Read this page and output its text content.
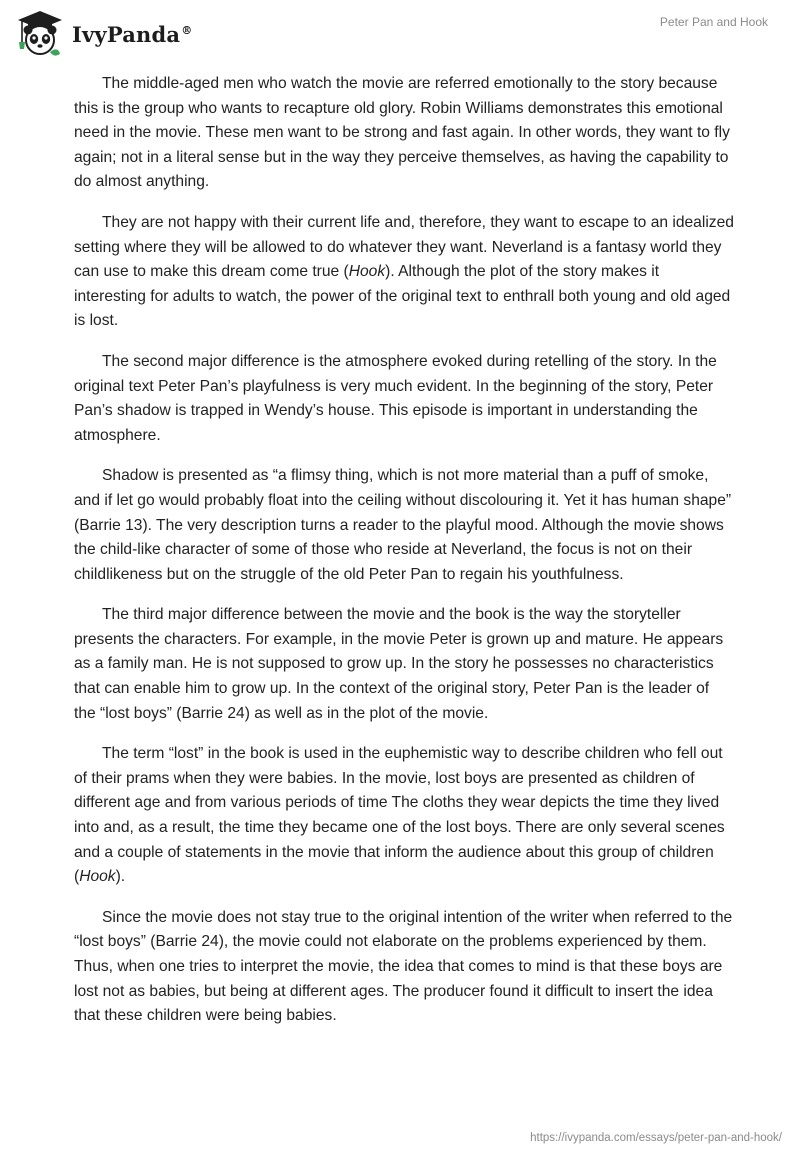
IvyPanda®
Peter Pan and Hook

The middle-aged men who watch the movie are referred emotionally to the story because this is the group who wants to recapture old glory. Robin Williams demonstrates this emotional need in the movie. These men want to be strong and fast again. In other words, they want to fly again; not in a literal sense but in the way they perceive themselves, as having the capability to do almost anything.

They are not happy with their current life and, therefore, they want to escape to an idealized setting where they will be allowed to do whatever they want. Neverland is a fantasy world they can use to make this dream come true (Hook). Although the plot of the story makes it interesting for adults to watch, the power of the original text to enthrall both young and old aged is lost.

The second major difference is the atmosphere evoked during retelling of the story. In the original text Peter Pan’s playfulness is very much evident. In the beginning of the story, Peter Pan’s shadow is trapped in Wendy’s house. This episode is important in understanding the atmosphere.

Shadow is presented as “a flimsy thing, which is not more material than a puff of smoke, and if let go would probably float into the ceiling without discolouring it. Yet it has human shape” (Barrie 13). The very description turns a reader to the playful mood. Although the movie shows the child-like character of some of those who reside at Neverland, the focus is not on their childlikeness but on the struggle of the old Peter Pan to regain his youthfulness.

The third major difference between the movie and the book is the way the storyteller presents the characters. For example, in the movie Peter is grown up and mature. He appears as a family man. He is not supposed to grow up. In the story he possesses no characteristics that can enable him to grow up. In the context of the original story, Peter Pan is the leader of the “lost boys” (Barrie 24) as well as in the plot of the movie.

The term “lost” in the book is used in the euphemistic way to describe children who fell out of their prams when they were babies. In the movie, lost boys are presented as children of different age and from various periods of time The cloths they wear depicts the time they lived into and, as a result, the time they became one of the lost boys. There are only several scenes and a couple of statements in the movie that inform the audience about this group of children (Hook).

Since the movie does not stay true to the original intention of the writer when referred to the “lost boys” (Barrie 24), the movie could not elaborate on the problems experienced by them. Thus, when one tries to interpret the movie, the idea that comes to mind is that these boys are lost not as babies, but being at different ages. The producer found it difficult to insert the idea that these children were being babies.

https://ivypanda.com/essays/peter-pan-and-hook/
